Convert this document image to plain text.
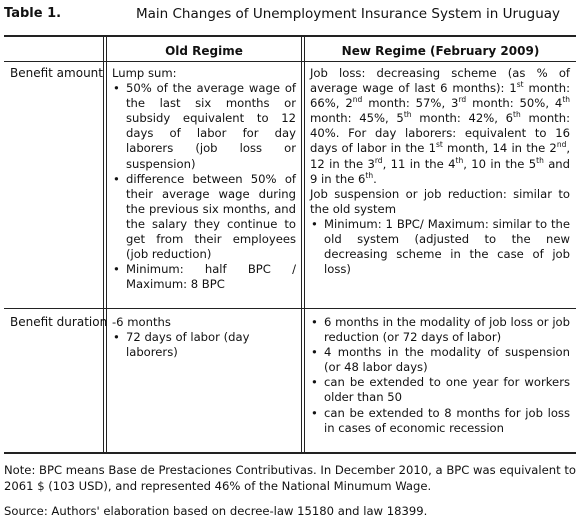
Table 1.	Main Changes of Unemployment Insurance System in Uruguay
Old Regime	New Regime (February 2009)
Benefit amount Lump sum:

• 50% of the average wage of the last six months or subsidy equivalent to 12 days of labor for day laborers (job loss or suspension)
• difference between 50% of their average wage during the previous six months, and the salary they continue to get from their employees (job reduction)
• Minimum: half BPC / Maximum: 8 BPC

Job loss: decreasing scheme (as % of average wage of last 6 months): 1st month: 66%, 2nd month: 57%, 3rd month: 50%, 4th month: 45%, 5th month: 42%, 6th month: 40%. For day laborers: equivalent to 16 days of labor in the 1st month, 14 in the 2nd, 12 in the 3rd, 11 in the 4th, 10 in the 5th and 9 in the 6th.

Job suspension or job reduction: similar to the old system

• Minimum: 1 BPC/ Maximum: similar to the old system (adjusted to the new decreasing scheme in the case of job loss)
Benefit duration -6 months

• 72 days of labor (day laborers)
• 6 months in the modality of job loss or job reduction (or 72 days of labor)
• 4 months in the modality of suspension (or 48 labor days)
• can be extended to one year for workers older than 50
• can be extended to 8 months for job loss in cases of economic recession
Note: BPC means Base de Prestaciones Contributivas. In December 2010, a BPC was equivalent to 2061 $ (103 USD), and represented 46% of the National Minumum Wage.
Source: Authors' elaboration based on decree-law 15180 and law 18399.
